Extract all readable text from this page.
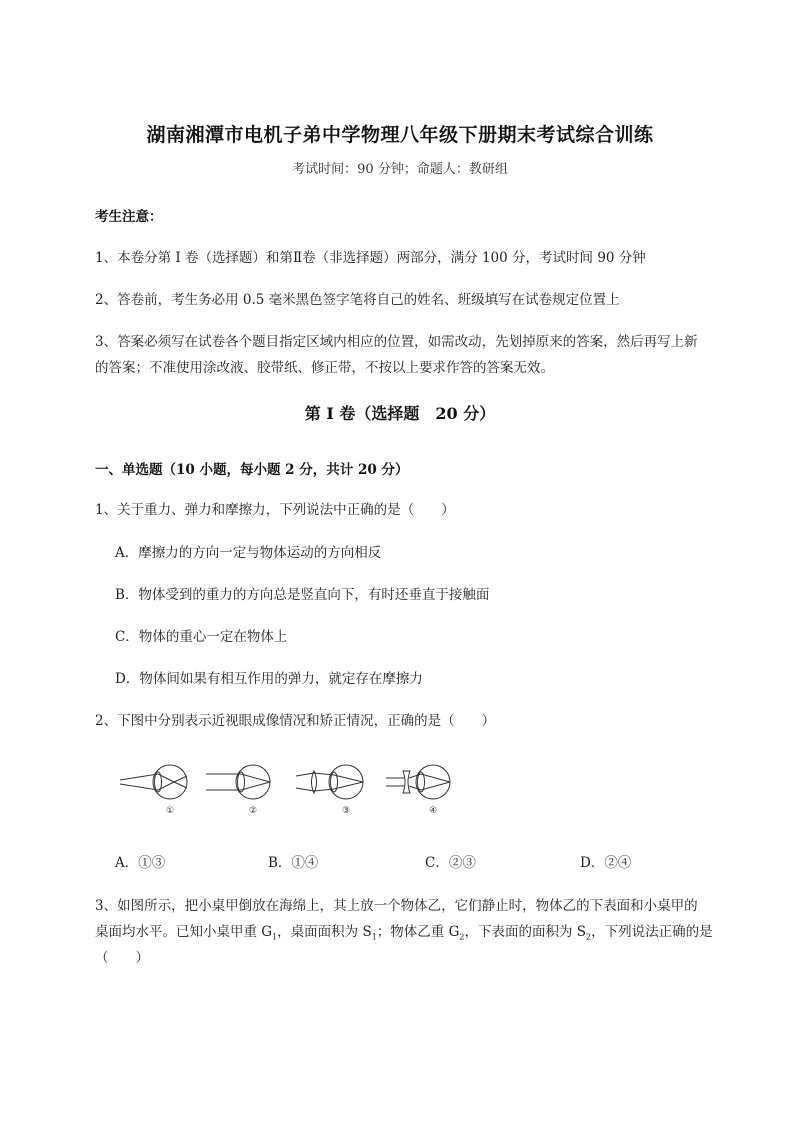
湖南湘潭市电机子弟中学物理八年级下册期末考试综合训练
考试时间：90 分钟；命题人：教研组
考生注意：
1、本卷分第 I 卷（选择题）和第Ⅱ卷（非选择题）两部分，满分 100 分，考试时间 90 分钟
2、答卷前，考生务必用 0.5 毫米黑色签字笔将自己的姓名、班级填写在试卷规定位置上
3、答案必须写在试卷各个题目指定区域内相应的位置，如需改动，先划掉原来的答案，然后再写上新
的答案；不准使用涂改液、胶带纸、修正带，不按以上要求作答的答案无效。
第 I 卷（选择题　20 分）
一、单选题（10 小题，每小题 2 分，共计 20 分）
1、关于重力、弹力和摩擦力，下列说法中正确的是（　　）
A．摩擦力的方向一定与物体运动的方向相反
B．物体受到的重力的方向总是竖直向下，有时还垂直于接触面
C．物体的重心一定在物体上
D．物体间如果有相互作用的弹力，就定存在摩擦力
2、下图中分别表示近视眼成像情况和矫正情况，正确的是（　　）
①	②	③	④
A．①③	B．①④	C．②③	D．②④
3、如图所示，把小桌甲倒放在海绵上，其上放一个物体乙，它们静止时，物体乙的下表面和小桌甲的
桌面均水平。已知小桌甲重 $G_1$，桌面面积为 $S_1$；物体乙重 $G_2$，下表面的面积为 $S_2$，下列说法正确的是
（　　）
